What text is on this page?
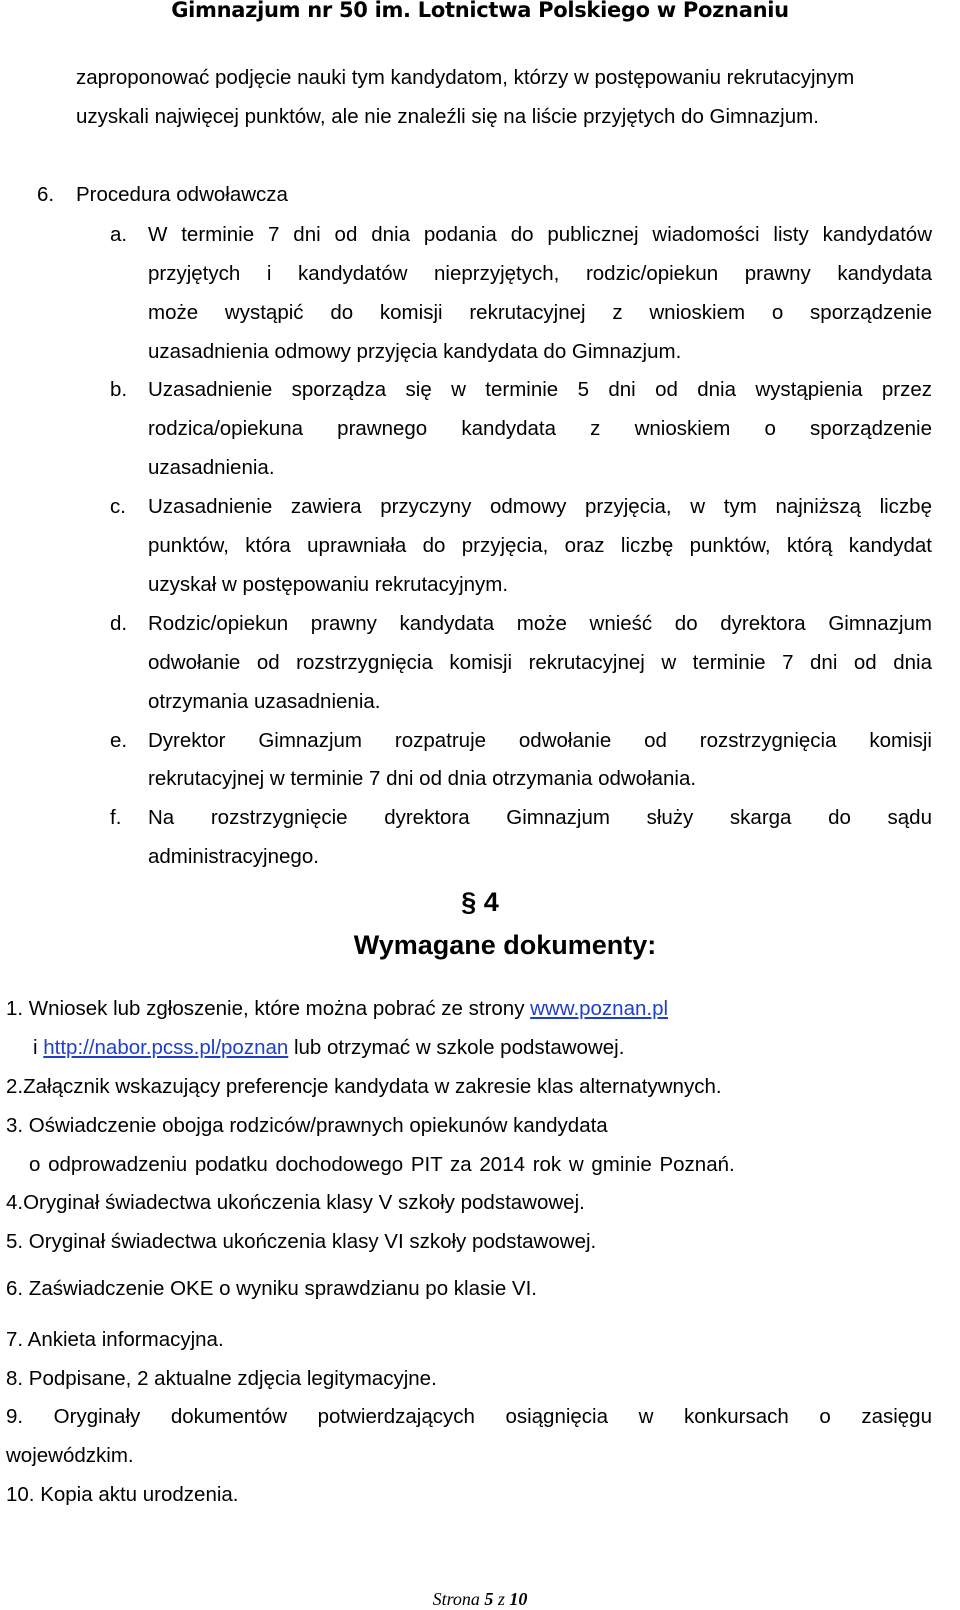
Gimnazjum nr 50 im. Lotnictwa Polskiego w Poznaniu
zaproponować podjęcie nauki tym kandydatom, którzy w postępowaniu rekrutacyjnym
uzyskali najwięcej punktów, ale nie znaleźli się na liście przyjętych do Gimnazjum.
6. Procedura odwoławcza
a. W terminie 7 dni od dnia podania do publicznej wiadomości listy kandydatów
przyjętych i kandydatów nieprzyjętych, rodzic/opiekun prawny kandydata
może wystąpić do komisji rekrutacyjnej z wnioskiem o sporządzenie
uzasadnienia odmowy przyjęcia kandydata do Gimnazjum.
b. Uzasadnienie sporządza się w terminie 5 dni od dnia wystąpienia przez
rodzica/opiekuna prawnego kandydata z wnioskiem o sporządzenie
uzasadnienia.
c. Uzasadnienie zawiera przyczyny odmowy przyjęcia, w tym najniższą liczbę
punktów, która uprawniała do przyjęcia, oraz liczbę punktów, którą kandydat
uzyskał w postępowaniu rekrutacyjnym.
d. Rodzic/opiekun prawny kandydata może wnieść do dyrektora Gimnazjum
odwołanie od rozstrzygnięcia komisji rekrutacyjnej w terminie 7 dni od dnia
otrzymania uzasadnienia.
e. Dyrektor Gimnazjum rozpatruje odwołanie od rozstrzygnięcia komisji
rekrutacyjnej w terminie 7 dni od dnia otrzymania odwołania.
f. Na rozstrzygnięcie dyrektora Gimnazjum służy skarga do sądu
administracyjnego.
§ 4
Wymagane dokumenty:
1. Wniosek lub zgłoszenie, które można pobrać ze strony www.poznan.pl
i http://nabor.pcss.pl/poznan lub otrzymać w szkole podstawowej.
2.Załącznik wskazujący preferencje kandydata w zakresie klas alternatywnych.
3. Oświadczenie obojga rodziców/prawnych opiekunów kandydata
o odprowadzeniu podatku dochodowego PIT za 2014 rok w gminie Poznań.
4.Oryginał świadectwa ukończenia klasy V szkoły podstawowej.
5. Oryginał świadectwa ukończenia klasy VI szkoły podstawowej.
6. Zaświadczenie OKE o wyniku sprawdzianu po klasie VI.
7. Ankieta informacyjna.
8. Podpisane, 2 aktualne zdjęcia legitymacyjne.
9. Oryginały dokumentów potwierdzających osiągnięcia w konkursach o zasięgu
wojewódzkim.
10. Kopia aktu urodzenia.
Strona 5 z 10
